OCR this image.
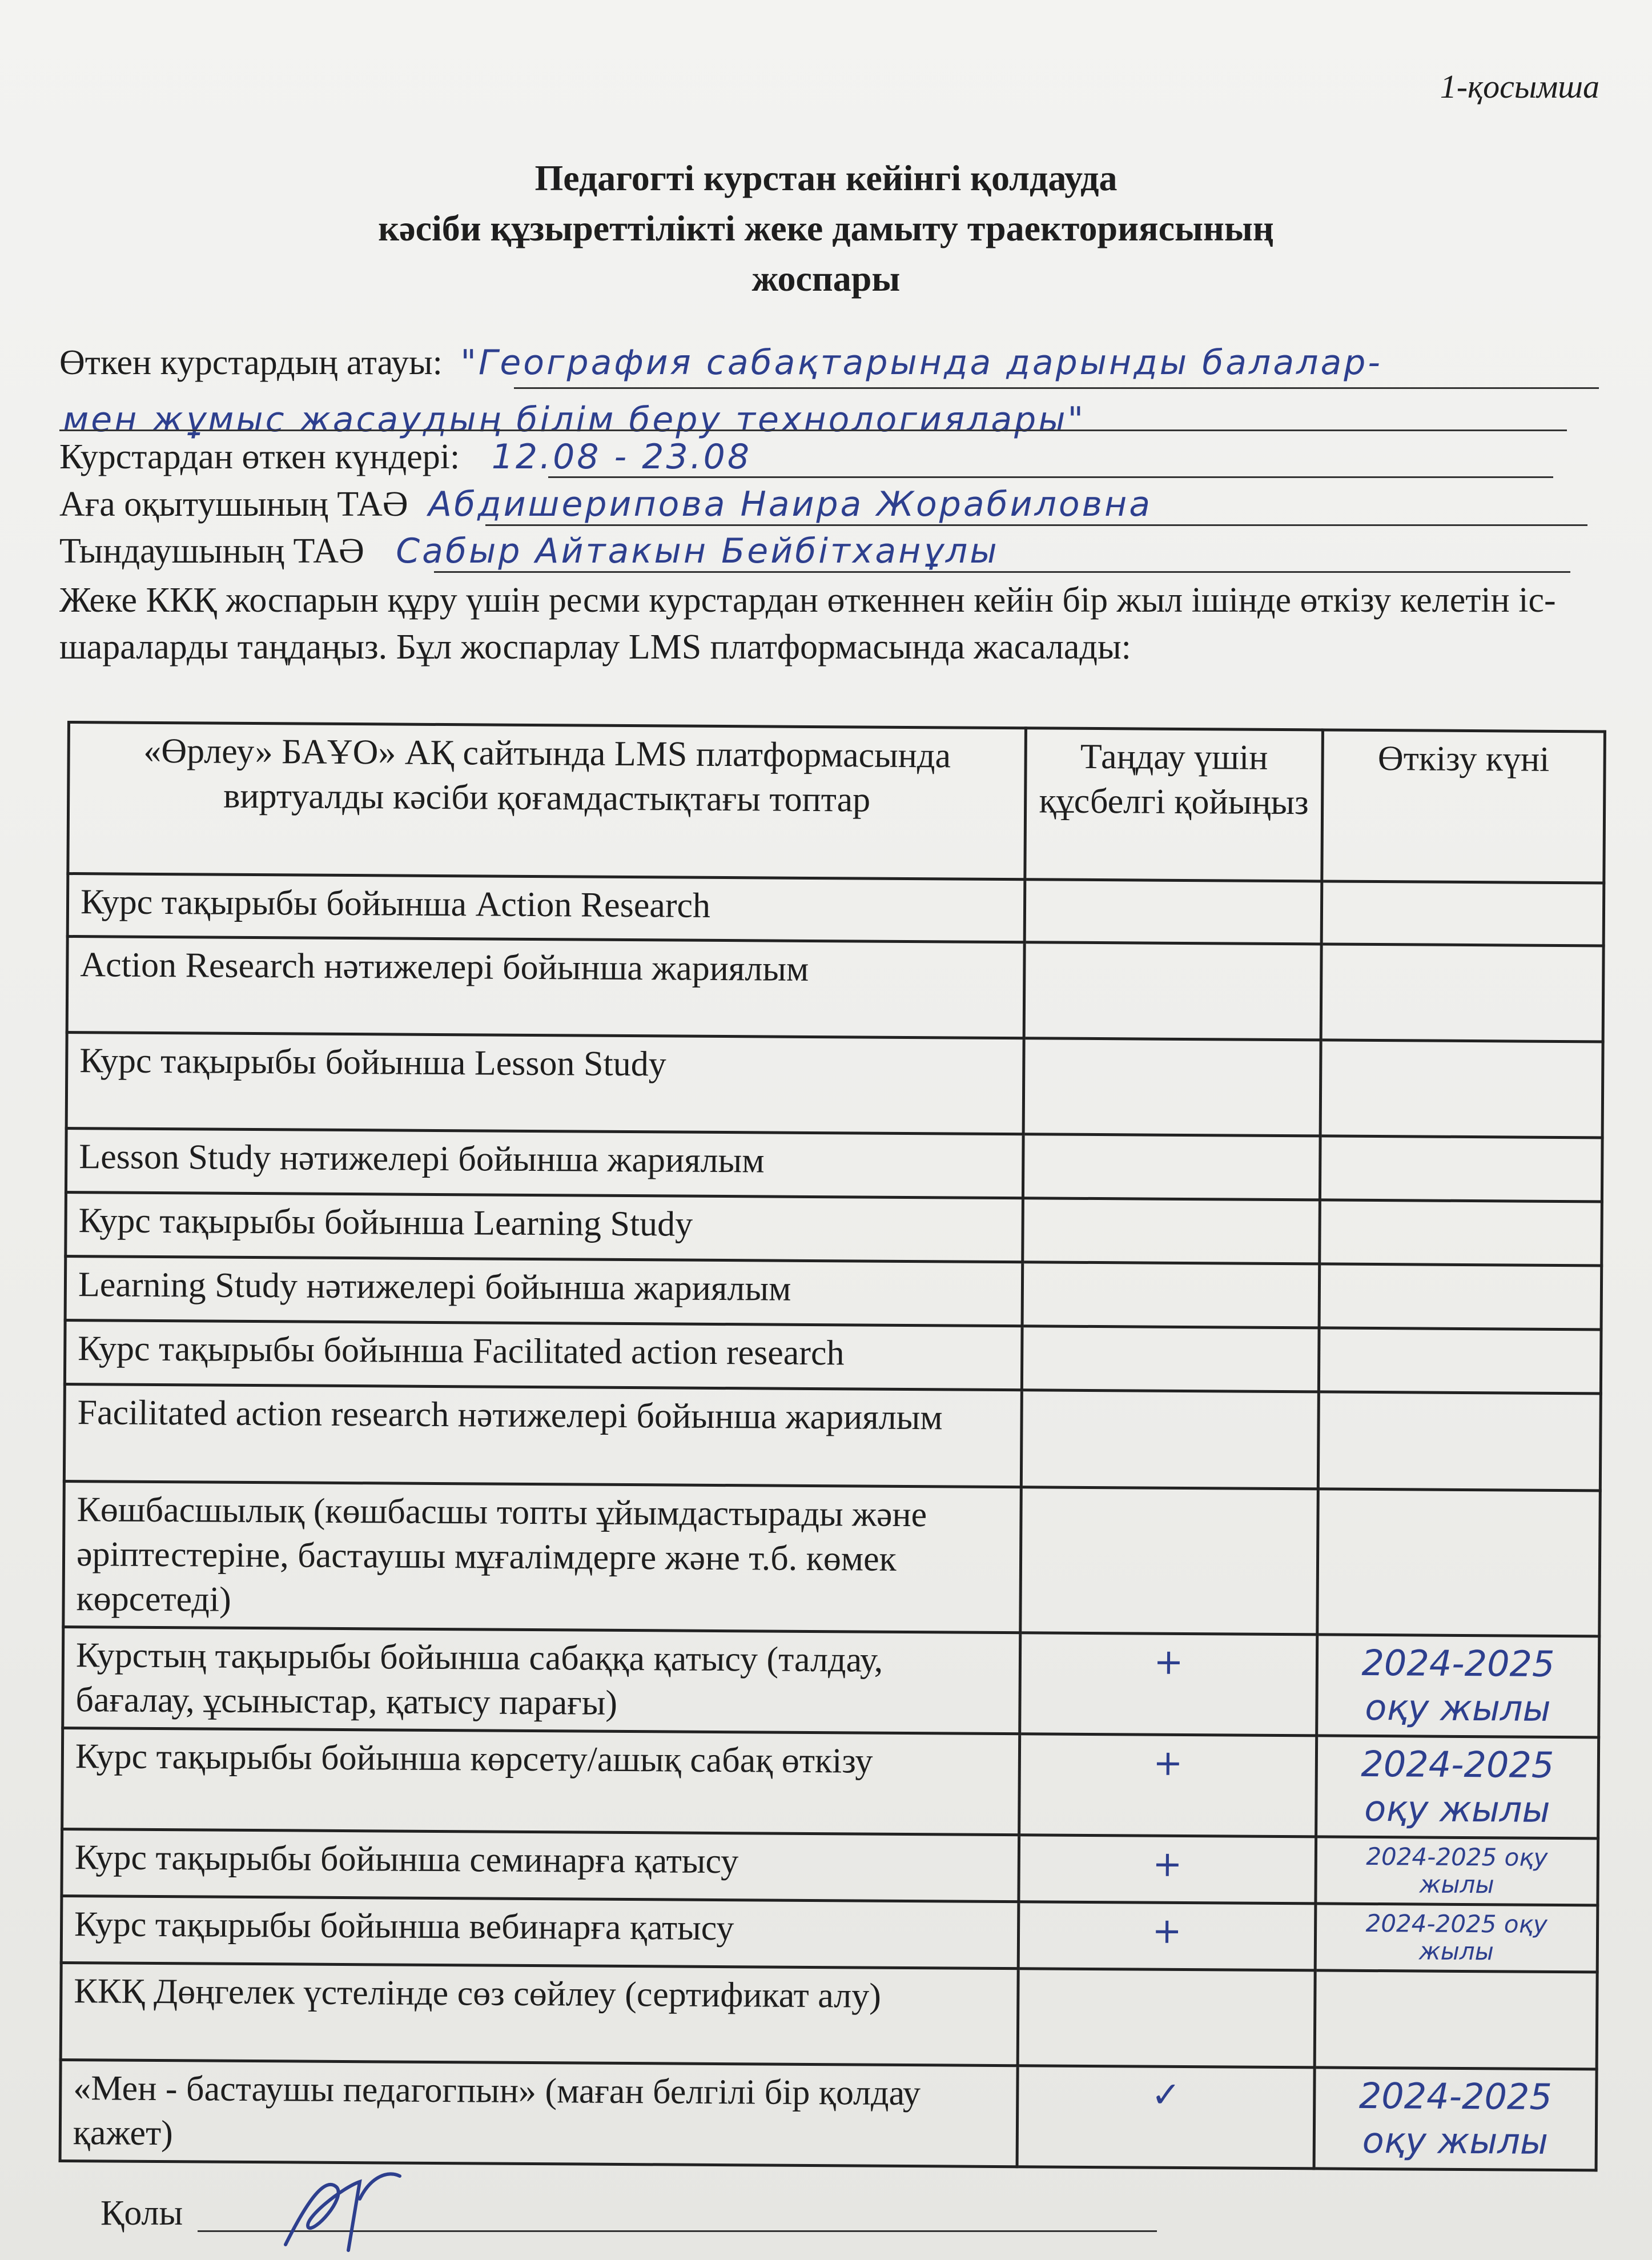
1-қосымша
Педагогті курстан кейінгі қолдауда
кәсіби құзыреттілікті жеке дамыту траекториясының
жоспары
Өткен курстардың атауы: "География сабақтарында дарынды балалар-
мен жұмыс жасаудың білім беру технологиялары"
Курстардан өткен күндері: 12.08 - 23.08
Аға оқытушының ТАӘ Абдишерипова Наира Жорабиловна
Тындаушының ТАӘ Сабыр Айтакын Бейбітханұлы
Жеке ККҚ жоспарын құру үшін ресми курстардан өткеннен кейін бір жыл ішінде өткізу келетін іс-шараларды таңдаңыз. Бұл жоспарлау LMS платформасында жасалады:
«Өрлеу» БАҰО» АҚ сайтында LMS платформасында виртуалды кәсіби қоғамдастықтағы топтар	Таңдау үшін құсбелгі қойыңыз	Өткізу күні
Курс тақырыбы бойынша Action Research		
Action Research нәтижелері бойынша жариялым		
Курс тақырыбы бойынша Lesson Study		
Lesson Study нәтижелері бойынша жариялым		
Курс тақырыбы бойынша Learning Study		
Learning Study нәтижелері бойынша жариялым		
Курс тақырыбы бойынша Facilitated action research		
Facilitated action research нәтижелері бойынша жариялым		
Көшбасшылық (көшбасшы топты ұйымдастырады және әріптестеріне, бастаушы мұғалімдерге және т.б. көмек көрсетеді)		
Курстың тақырыбы бойынша сабаққа қатысу (талдау, бағалау, ұсыныстар, қатысу парағы)	+	2024-2025 оқу жылы
Курс тақырыбы бойынша көрсету/ашық сабақ өткізу	+	2024-2025 оқу жылы
Курс тақырыбы бойынша семинарға қатысу	+	2024-2025 оқу жылы
Курс тақырыбы бойынша вебинарға қатысу	+	2024-2025 оқу жылы
ККҚ Дөңгелек үстелінде сөз сөйлеу (сертификат алу)		
«Мен - бастаушы педагогпын» (маған белгілі бір қолдау қажет)	✓	2024-2025 оқу жылы
Қолы
